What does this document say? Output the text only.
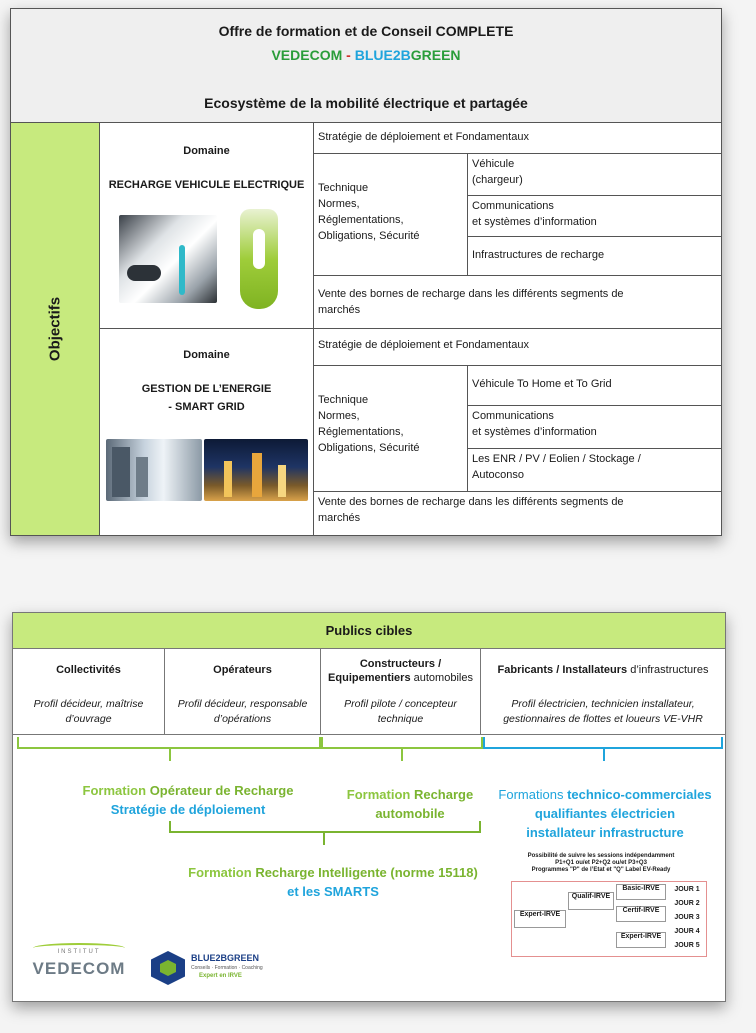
Offre de formation et de Conseil COMPLETE
VEDECOM - BLUE2BGREEN
Ecosystème de la mobilité électrique et partagée
Objectifs
Domaine
RECHARGE VEHICULE ELECTRIQUE
Stratégie de déploiement et Fondamentaux
Technique
Normes,
Réglementations,
Obligations, Sécurité
Véhicule
(chargeur)
Communications
et systèmes d’information
Infrastructures de recharge
Vente des bornes de recharge dans les différents segments de
marchés
Domaine
GESTION DE L’ENERGIE
- SMART GRID
Stratégie de déploiement et Fondamentaux
Technique
Normes,
Réglementations,
Obligations, Sécurité
Véhicule To Home et To Grid
Communications
et systèmes d’information
Les ENR / PV / Eolien / Stockage /
Autoconso
Vente des bornes de recharge dans les différents segments de
marchés
Publics cibles
Collectivités
Profil décideur, maîtrise
d’ouvrage
Opérateurs
Profil décideur, responsable
d’opérations
Constructeurs /
Equipementiers automobiles
Profil pilote / concepteur
technique
Fabricants / Installateurs d’infrastructures
Profil électricien, technicien installateur,
gestionnaires de flottes et loueurs VE-VHR
Formation Opérateur de Recharge
Stratégie de déploiement
Formation Recharge
automobile
Formations technico-commerciales
qualifiantes électricien
installateur infrastructure
Formation Recharge Intelligente (norme 15118)
et les SMARTS
Possibilité de suivre les sessions indépendamment
P1+Q1 ou/et P2+Q2 ou/et P3+Q3
Programmes "P" de l’Etat et "Q" Label EV-Ready
Expert-IRVE
Qualif-IRVE
Basic-IRVE
Certif-IRVE
Expert-IRVE
JOUR 1
JOUR 2
JOUR 3
JOUR 4
JOUR 5
INSTITUT
VEDECOM
BLUE2BGREEN
Conseils · Formation · Coaching
Expert en IRVE
